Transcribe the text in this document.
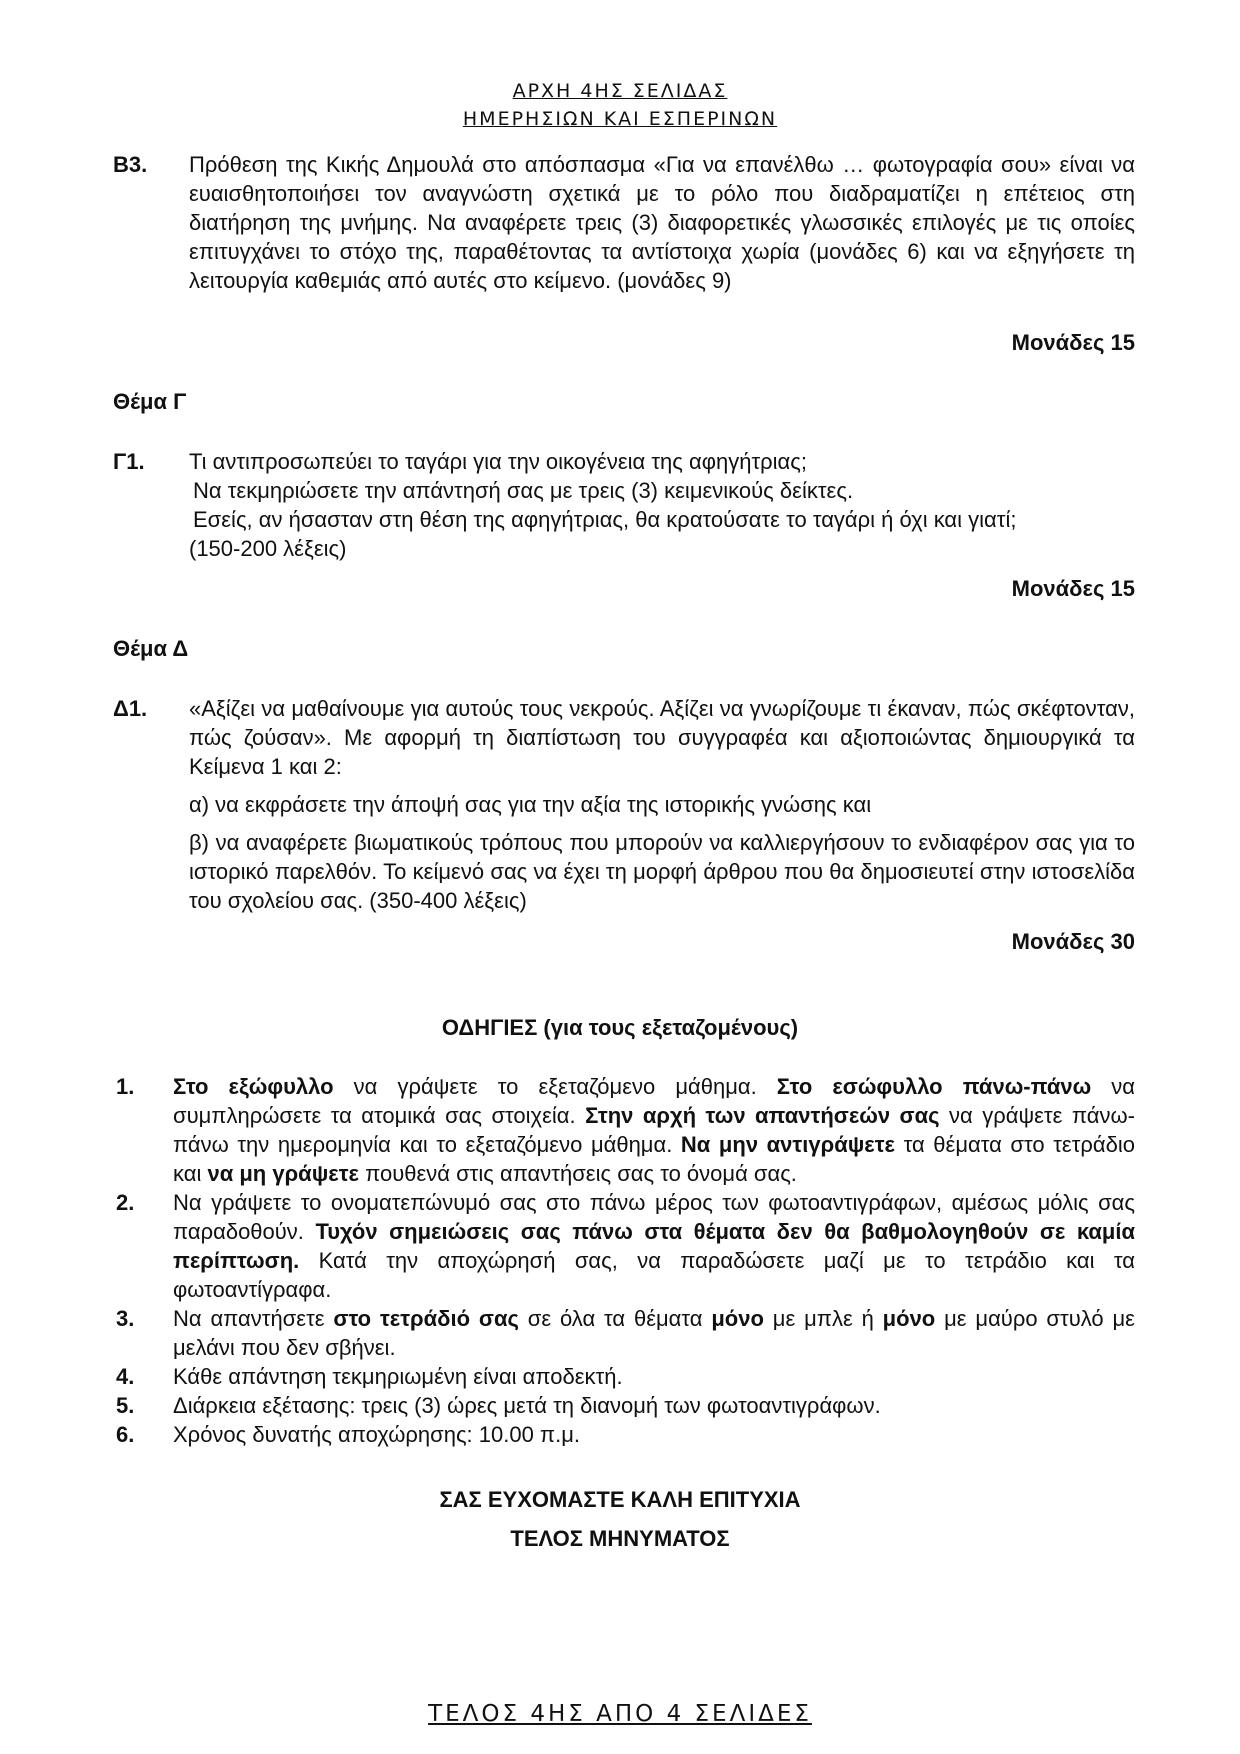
ΑΡΧΗ 4ΗΣ ΣΕΛΙΔΑΣ
ΗΜΕΡΗΣΙΩΝ ΚΑΙ ΕΣΠΕΡΙΝΩΝ
Β3. Πρόθεση της Κικής Δημουλά στο απόσπασμα «Για να επανέλθω … φωτογραφία σου» είναι να ευαισθητοποιήσει τον αναγνώστη σχετικά με το ρόλο που διαδραματίζει η επέτειος στη διατήρηση της μνήμης. Να αναφέρετε τρεις (3) διαφορετικές γλωσσικές επιλογές με τις οποίες επιτυγχάνει το στόχο της, παραθέτοντας τα αντίστοιχα χωρία (μονάδες 6) και να εξηγήσετε τη λειτουργία καθεμιάς από αυτές στο κείμενο. (μονάδες 9)

Μονάδες 15
Θέμα Γ
Γ1. Τι αντιπροσωπεύει το ταγάρι για την οικογένεια της αφηγήτριας;
Να τεκμηριώσετε την απάντησή σας με τρεις (3) κειμενικούς δείκτες.
Εσείς, αν ήσασταν στη θέση της αφηγήτριας, θα κρατούσατε το ταγάρι ή όχι και γιατί;
(150-200 λέξεις)
Μονάδες 15
Θέμα Δ
Δ1. «Αξίζει να μαθαίνουμε για αυτούς τους νεκρούς. Αξίζει να γνωρίζουμε τι έκαναν, πώς σκέφτονταν, πώς ζούσαν». Με αφορμή τη διαπίστωση του συγγραφέα και αξιοποιώντας δημιουργικά τα Κείμενα 1 και 2:

α) να εκφράσετε την άποψή σας για την αξία της ιστορικής γνώσης και

β) να αναφέρετε βιωματικούς τρόπους που μπορούν να καλλιεργήσουν το ενδιαφέρον σας για το ιστορικό παρελθόν. Το κείμενό σας να έχει τη μορφή άρθρου που θα δημοσιευτεί στην ιστοσελίδα του σχολείου σας. (350-400 λέξεις)

Μονάδες 30
ΟΔΗΓΙΕΣ (για τους εξεταζομένους)
1. Στο εξώφυλλο να γράψετε το εξεταζόμενο μάθημα. Στο εσώφυλλο πάνω-πάνω να συμπληρώσετε τα ατομικά σας στοιχεία. Στην αρχή των απαντήσεών σας να γράψετε πάνω-πάνω την ημερομηνία και το εξεταζόμενο μάθημα. Να μην αντιγράψετε τα θέματα στο τετράδιο και να μη γράψετε πουθενά στις απαντήσεις σας το όνομά σας.
2. Να γράψετε το ονοματεπώνυμό σας στο πάνω μέρος των φωτοαντιγράφων, αμέσως μόλις σας παραδοθούν. Τυχόν σημειώσεις σας πάνω στα θέματα δεν θα βαθμολογηθούν σε καμία περίπτωση. Κατά την αποχώρησή σας, να παραδώσετε μαζί με το τετράδιο και τα φωτοαντίγραφα.
3. Να απαντήσετε στο τετράδιό σας σε όλα τα θέματα μόνο με μπλε ή μόνο με μαύρο στυλό με μελάνι που δεν σβήνει.
4. Κάθε απάντηση τεκμηριωμένη είναι αποδεκτή.
5. Διάρκεια εξέτασης: τρεις (3) ώρες μετά τη διανομή των φωτοαντιγράφων.
6. Χρόνος δυνατής αποχώρησης: 10.00 π.μ.
ΣΑΣ ΕΥΧΟΜΑΣΤΕ ΚΑΛΗ ΕΠΙΤΥΧΙΑ
ΤΕΛΟΣ ΜΗΝΥΜΑΤΟΣ
ΤΕΛΟΣ 4ΗΣ ΑΠΟ 4 ΣΕΛΙΔΕΣ
